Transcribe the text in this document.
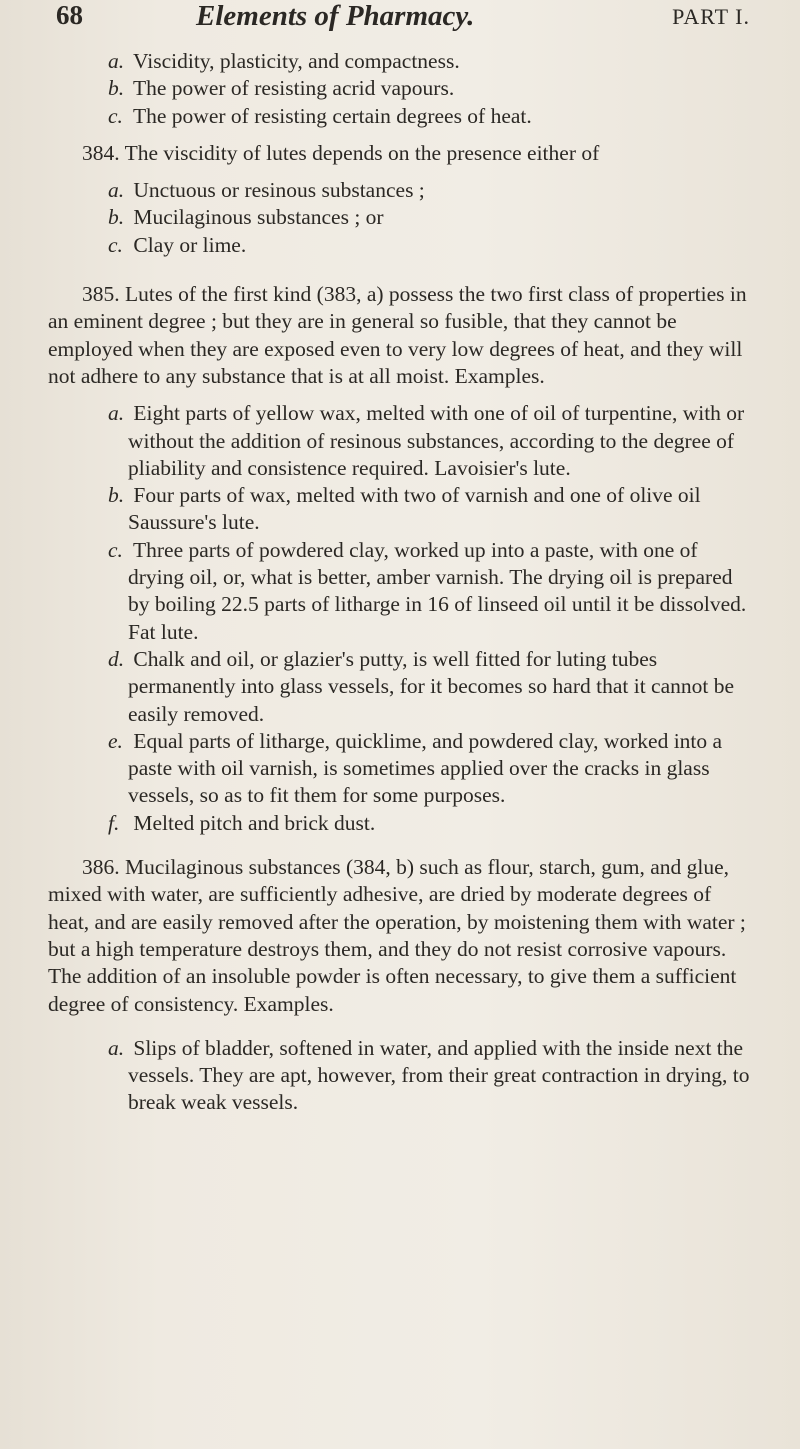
68	Elements of Pharmacy.	PART I.

a. Viscidity, plasticity, and compactness.

b. The power of resisting acrid vapours.

c. The power of resisting certain degrees of heat.

384. The viscidity of lutes depends on the presence either of

a. Unctuous or resinous substances ;

b. Mucilaginous substances ; or

c. Clay or lime.

385. Lutes of the first kind (383, a) possess the two first class of properties in an eminent degree ; but they are in general so fusible, that they cannot be employed when they are exposed even to very low degrees of heat, and they will not adhere to any substance that is at all moist. Examples.

a. Eight parts of yellow wax, melted with one of oil of turpentine, with or without the addition of resinous substances, according to the degree of pliability and consistence required. Lavoisier's lute.

b. Four parts of wax, melted with two of varnish and one of olive oil Saussure's lute.

c. Three parts of powdered clay, worked up into a paste, with one of drying oil, or, what is better, amber varnish. The drying oil is prepared by boiling 22.5 parts of litharge in 16 of linseed oil until it be dissolved. Fat lute.

d. Chalk and oil, or glazier's putty, is well fitted for luting tubes permanently into glass vessels, for it becomes so hard that it cannot be easily removed.

e. Equal parts of litharge, quicklime, and powdered clay, worked into a paste with oil varnish, is sometimes applied over the cracks in glass vessels, so as to fit them for some purposes.

f. Melted pitch and brick dust.

386. Mucilaginous substances (384, b) such as flour, starch, gum, and glue, mixed with water, are sufficiently adhesive, are dried by moderate degrees of heat, and are easily removed after the operation, by moistening them with water ; but a high temperature destroys them, and they do not resist corrosive vapours. The addition of an insoluble powder is often necessary, to give them a sufficient degree of consistency. Examples.

a. Slips of bladder, softened in water, and applied with the inside next the vessels. They are apt, however, from their great contraction in drying, to break weak vessels.
